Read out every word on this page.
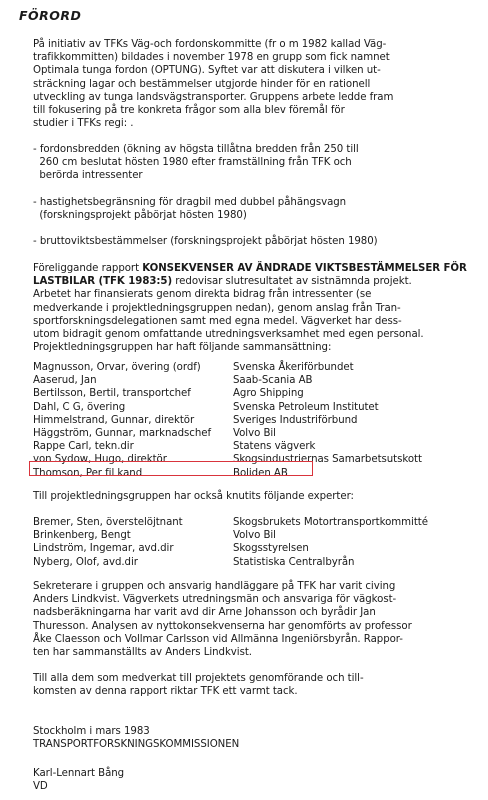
FÖRORD
På initiativ av TFKs Väg-och fordonskommitte (fr o m 1982 kallad Väg-
trafikkommitten) bildades i november 1978 en grupp som fick namnet
Optimala tunga fordon (OPTUNG). Syftet var att diskutera i vilken ut-
sträckning lagar och bestämmelser utgjorde hinder för en rationell
utveckling av tunga landsvägstransporter. Gruppens arbete ledde fram
till fokusering på tre konkreta frågor som alla blev föremål för
studier i TFKs regi: .
- fordonsbredden (ökning av högsta tillåtna bredden från 250 till
260 cm beslutat hösten 1980 efter framställning från TFK och
berörda intressenter
- hastighetsbegränsning för dragbil med dubbel påhängsvagn
(forskningsprojekt påbörjat hösten 1980)
- bruttoviktsbestämmelser (forskningsprojekt påbörjat hösten 1980)
Föreliggande rapport KONSEKVENSER AV ÄNDRADE VIKTSBESTÄMMELSER FÖR
LASTBILAR (TFK 1983:5) redovisar slutresultatet av sistnämnda projekt.
Arbetet har finansierats genom direkta bidrag från intressenter (se
medverkande i projektledningsgruppen nedan), genom anslag från Tran-
sportforskningsdelegationen samt med egna medel. Vägverket har dess-
utom bidragit genom omfattande utredningsverksamhet med egen personal.
Projektledningsgruppen har haft följande sammansättning:
Magnusson, Orvar, övering (ordf)	Svenska Åkeriförbundet
Aaserud, Jan	Saab-Scania AB
Bertilsson, Bertil, transportchef	Agro Shipping
Dahl, C G, övering	Svenska Petroleum Institutet
Himmelstrand, Gunnar, direktör	Sveriges Industriförbund
Häggström, Gunnar, marknadschef	Volvo Bil
Rappe Carl, tekn.dir	Statens vägverk
von Sydow, Hugo, direktör	Skogsindustriernas Samarbetsutskott
Thomson, Per fil kand	Boliden AB
Till projektledningsgruppen har också knutits följande experter:
Bremer, Sten, överstelöjtnant	Skogsbrukets Motortransportkommitté
Brinkenberg, Bengt	Volvo Bil
Lindström, Ingemar, avd.dir	Skogsstyrelsen
Nyberg, Olof, avd.dir	Statistiska Centralbyrån
Sekreterare i gruppen och ansvarig handläggare på TFK har varit civing
Anders Lindkvist. Vägverkets utredningsmän och ansvariga för vägkost-
nadsberäkningarna har varit avd dir Arne Johansson och byrådir Jan
Thuresson. Analysen av nyttokonsekvenserna har genomförts av professor
Åke Claesson och Vollmar Carlsson vid Allmänna Ingeniörsbyrån. Rappor-
ten har sammanställts av Anders Lindkvist.
Till alla dem som medverkat till projektets genomförande och till-
komsten av denna rapport riktar TFK ett varmt tack.
Stockholm i mars 1983
TRANSPORTFORSKNINGSKOMMISSIONEN
Karl-Lennart Bång
VD
